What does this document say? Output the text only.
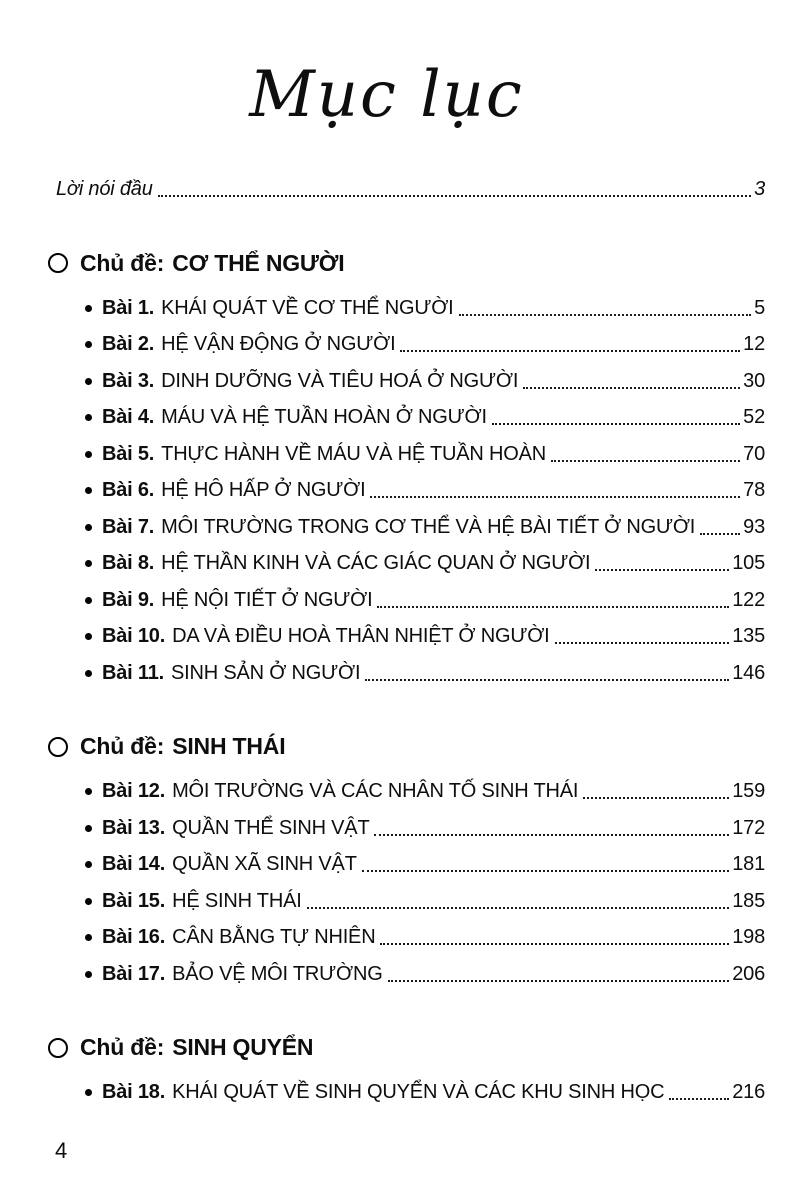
Mục lục
Lời nói đầu	3
Chủ đề: CƠ THỂ NGƯỜI
Bài 1. KHÁI QUÁT VỀ CƠ THỂ NGƯỜI	5
Bài 2. HỆ VẬN ĐỘNG Ở NGƯỜI	12
Bài 3. DINH DƯỠNG VÀ TIÊU HOÁ Ở NGƯỜI	30
Bài 4. MÁU VÀ HỆ TUẦN HOÀN Ở NGƯỜI	52
Bài 5. THỰC HÀNH VỀ MÁU VÀ HỆ TUẦN HOÀN	70
Bài 6. HỆ HÔ HẤP Ở NGƯỜI	78
Bài 7. MÔI TRƯỜNG TRONG CƠ THỂ VÀ HỆ BÀI TIẾT Ở NGƯỜI 93
Bài 8. HỆ THẦN KINH VÀ CÁC GIÁC QUAN Ở NGƯỜI	105
Bài 9. HỆ NỘI TIẾT Ở NGƯỜI	122
Bài 10. DA VÀ ĐIỀU HOÀ THÂN NHIỆT Ở NGƯỜI	135
Bài 11. SINH SẢN Ở NGƯỜI	146
Chủ đề: SINH THÁI
Bài 12. MÔI TRƯỜNG VÀ CÁC NHÂN TỐ SINH THÁI	159
Bài 13. QUẦN THỂ SINH VẬT	172
Bài 14. QUẦN XÃ SINH VẬT	181
Bài 15. HỆ SINH THÁI	185
Bài 16. CÂN BẰNG TỰ NHIÊN	198
Bài 17. BẢO VỆ MÔI TRƯỜNG	206
Chủ đề: SINH QUYỂN
Bài 18. KHÁI QUÁT VỀ SINH QUYỂN VÀ CÁC KHU SINH HỌC	216
4
